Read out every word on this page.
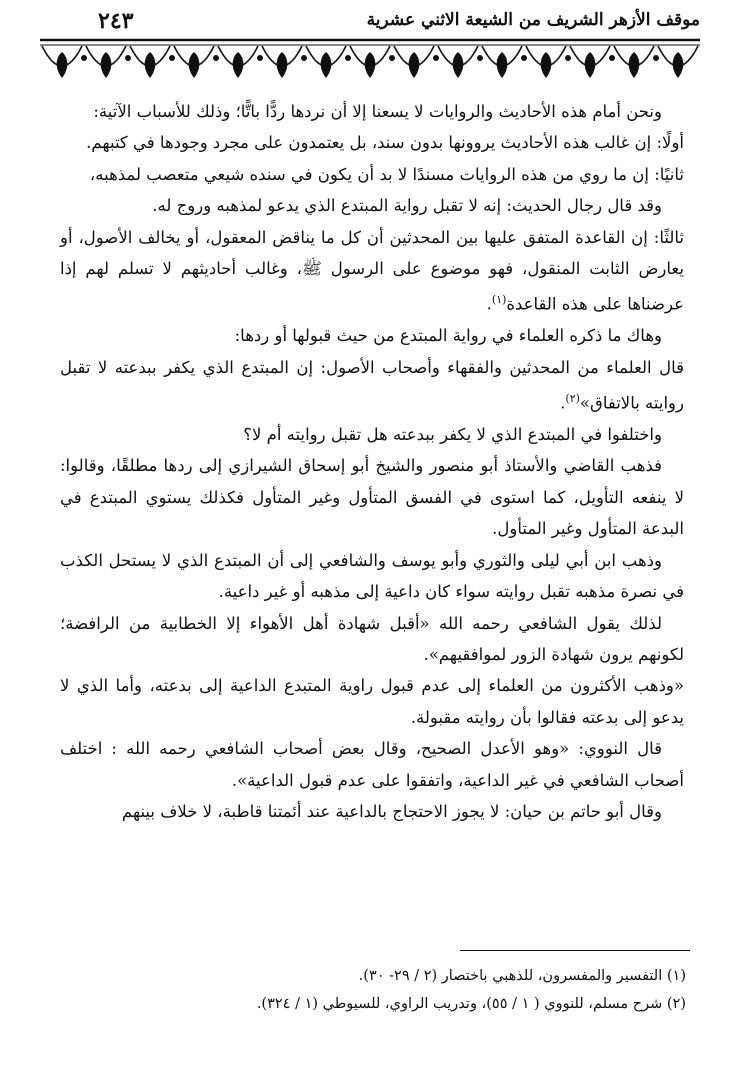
موقف الأزهر الشريف من الشيعة الاثني عشرية
٢٤٣

ونحن أمام هذه الأحاديث والروايات لا يسعنا إلا أن نردها ردًّا باتًّا؛ وذلك للأسباب الآتية:

أولًا: إن غالب هذه الأحاديث يروونها بدون سند، بل يعتمدون على مجرد وجودها في كتبهم.

ثانيًا: إن ما روي من هذه الروايات مسندًا لا بد أن يكون في سنده شيعي متعصب لمذهبه،

وقد قال رجال الحديث: إنه لا تقبل رواية المبتدع الذي يدعو لمذهبه وروج له.

ثالثًا: إن القاعدة المتفق عليها بين المحدثين أن كل ما يناقض المعقول، أو يخالف الأصول، أو يعارض الثابت المنقول، فهو موضوع على الرسول ﷺ، وغالب أحاديثهم لا تسلم لهم إذا عرضناها على هذه القاعدة$^{(١)}$.

وهاك ما ذكره العلماء في رواية المبتدع من حيث قبولها أو ردها:

قال العلماء من المحدثين والفقهاء وأصحاب الأصول: إن المبتدع الذي يكفر ببدعته لا تقبل روايته بالاتفاق»$^{(٢)}$.

واختلفوا في المبتدع الذي لا يكفر ببدعته هل تقبل روايته أم لا؟

فذهب القاضي والأستاذ أبو منصور والشيخ أبو إسحاق الشيرازي إلى ردها مطلقًا، وقالوا: لا ينفعه التأويل، كما استوى في الفسق المتأول وغير المتأول فكذلك يستوي المبتدع في البدعة المتأول وغير المتأول.

وذهب ابن أبي ليلى والثوري وأبو يوسف والشافعي إلى أن المبتدع الذي لا يستحل الكذب في نصرة مذهبه تقبل روايته سواء كان داعية إلى مذهبه أو غير داعية.

لذلك يقول الشافعي رحمه الله «أقبل شهادة أهل الأهواء إلا الخطابية من الرافضة؛ لكونهم يرون شهادة الزور لموافقيهم».

«وذهب الأكثرون من العلماء إلى عدم قبول راوية المتبدع الداعية إلى بدعته، وأما الذي لا يدعو إلى بدعته فقالوا بأن روايته مقبولة.

قال النووي: «وهو الأعدل الصحيح، وقال بعض أصحاب الشافعي رحمه الله : اختلف أصحاب الشافعي في غير الداعية، واتفقوا على عدم قبول الداعية».

وقال أبو حاتم بن حيان: لا يجوز الاحتجاج بالداعية عند أئمتنا قاطبة، لا خلاف بينهم

(١) التفسير والمفسرون، للذهبي باختصار (٢ / ٢٩- ٣٠).

(٢) شرح مسلم، للنووي ( ١ / ٥٥)، وتدريب الراوي، للسيوطي (١ / ٣٢٤).
